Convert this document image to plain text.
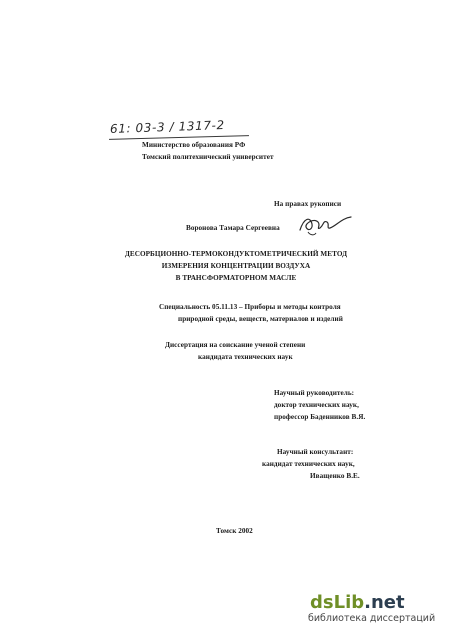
61: 03-3 / 1317-2
Министерство образования РФ
Томский политехнический университет
На правах рукописи
Воронова Тамара Сергеевна
ДЕСОРБЦИОННО-ТЕРМОКОНДУКТОМЕТРИЧЕСКИЙ МЕТОД
ИЗМЕРЕНИЯ КОНЦЕНТРАЦИИ ВОЗДУХА
В ТРАНСФОРМАТОРНОМ МАСЛЕ
Специальность 05.11.13 – Приборы и методы контроля
природной среды, веществ, материалов и изделий
Диссертация на соискание ученой степени
кандидата технических наук
Научный руководитель:
доктор технических наук,
профессор Баденников В.Я.
Научный консультант:
кандидат технических наук,
Иващенко В.Е.
Томск 2002
dsLib.net
библиотека диссертаций
